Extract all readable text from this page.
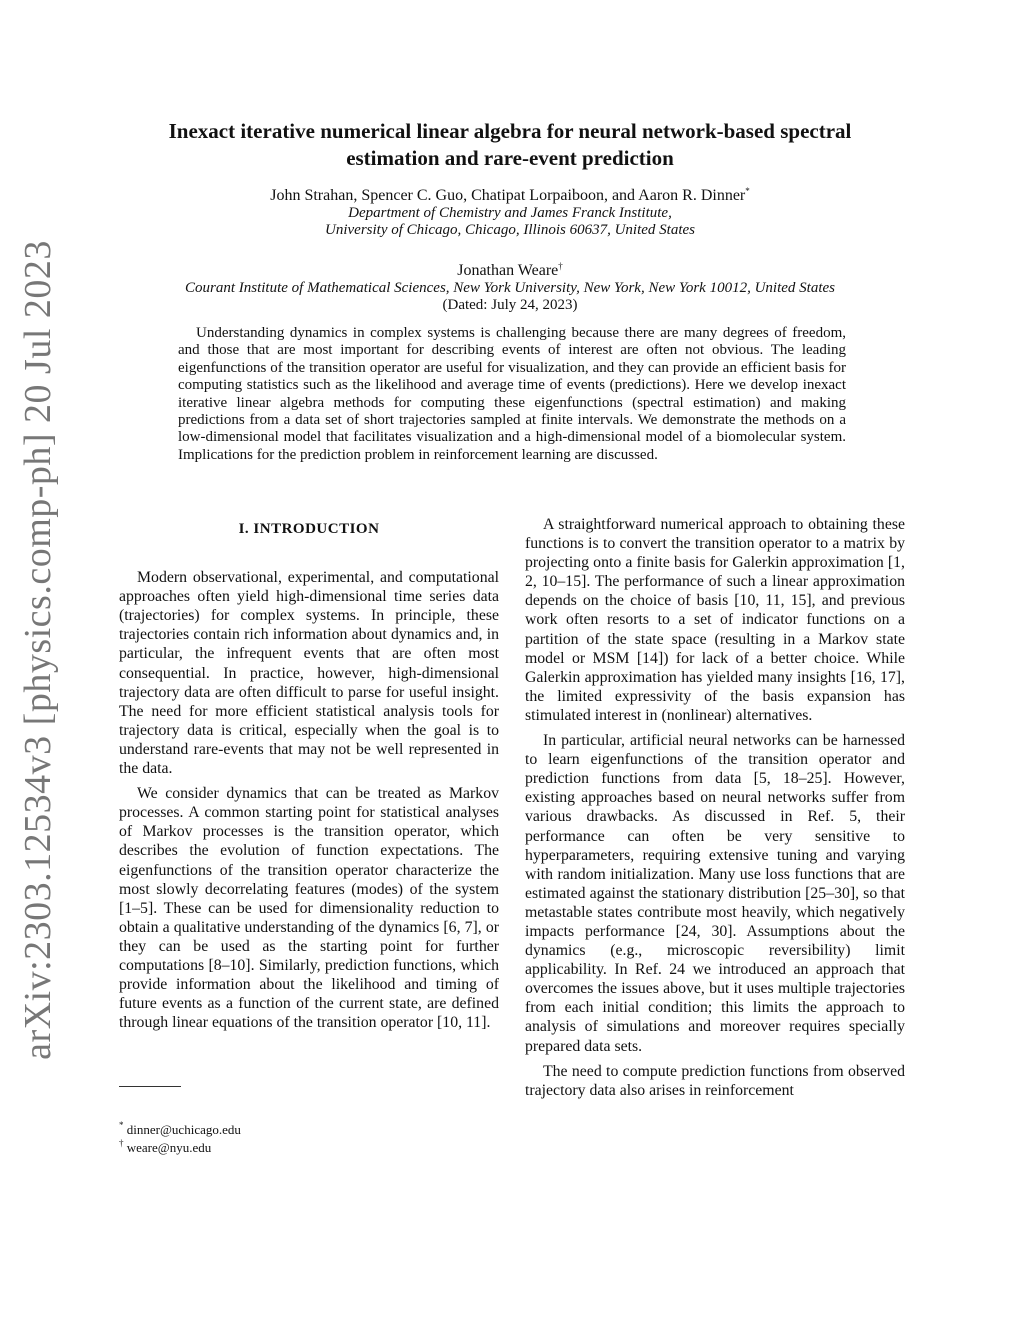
arXiv:2303.12534v3 [physics.comp-ph] 20 Jul 2023
Inexact iterative numerical linear algebra for neural network-based spectral estimation and rare-event prediction
John Strahan, Spencer C. Guo, Chatipat Lorpaiboon, and Aaron R. Dinner*
Department of Chemistry and James Franck Institute,
University of Chicago, Chicago, Illinois 60637, United States
Jonathan Weare†
Courant Institute of Mathematical Sciences, New York University, New York, New York 10012, United States
(Dated: July 24, 2023)
Understanding dynamics in complex systems is challenging because there are many degrees of freedom, and those that are most important for describing events of interest are often not obvious. The leading eigenfunctions of the transition operator are useful for visualization, and they can provide an efficient basis for computing statistics such as the likelihood and average time of events (predictions). Here we develop inexact iterative linear algebra methods for computing these eigenfunctions (spectral estimation) and making predictions from a data set of short trajectories sampled at finite intervals. We demonstrate the methods on a low-dimensional model that facilitates visualization and a high-dimensional model of a biomolecular system. Implications for the prediction problem in reinforcement learning are discussed.
I. INTRODUCTION

Modern observational, experimental, and computational approaches often yield high-dimensional time series data (trajectories) for complex systems. In principle, these trajectories contain rich information about dynamics and, in particular, the infrequent events that are often most consequential. In practice, however, high-dimensional trajectory data are often difficult to parse for useful insight. The need for more efficient statistical analysis tools for trajectory data is critical, especially when the goal is to understand rare-events that may not be well represented in the data.

We consider dynamics that can be treated as Markov processes. A common starting point for statistical analyses of Markov processes is the transition operator, which describes the evolution of function expectations. The eigenfunctions of the transition operator characterize the most slowly decorrelating features (modes) of the system [1–5]. These can be used for dimensionality reduction to obtain a qualitative understanding of the dynamics [6, 7], or they can be used as the starting point for further computations [8–10]. Similarly, prediction functions, which provide information about the likelihood and timing of future events as a function of the current state, are defined through linear equations of the transition operator [10, 11].

A straightforward numerical approach to obtaining these functions is to convert the transition operator to a matrix by projecting onto a finite basis for Galerkin approximation [1, 2, 10–15]. The performance of such a linear approximation depends on the choice of basis [10, 11, 15], and previous work often resorts to a set of indicator functions on a partition of the state space (resulting in a Markov state model or MSM [14]) for lack of a better choice. While Galerkin approximation has yielded many insights [16, 17], the limited expressivity of the basis expansion has stimulated interest in (nonlinear) alternatives.

In particular, artificial neural networks can be harnessed to learn eigenfunctions of the transition operator and prediction functions from data [5, 18–25]. However, existing approaches based on neural networks suffer from various drawbacks. As discussed in Ref. 5, their performance can often be very sensitive to hyperparameters, requiring extensive tuning and varying with random initialization. Many use loss functions that are estimated against the stationary distribution [25–30], so that metastable states contribute most heavily, which negatively impacts performance [24, 30]. Assumptions about the dynamics (e.g., microscopic reversibility) limit applicability. In Ref. 24 we introduced an approach that overcomes the issues above, but it uses multiple trajectories from each initial condition; this limits the approach to analysis of simulations and moreover requires specially prepared data sets.

The need to compute prediction functions from observed trajectory data also arises in reinforcement

* dinner@uchicago.edu
† weare@nyu.edu
